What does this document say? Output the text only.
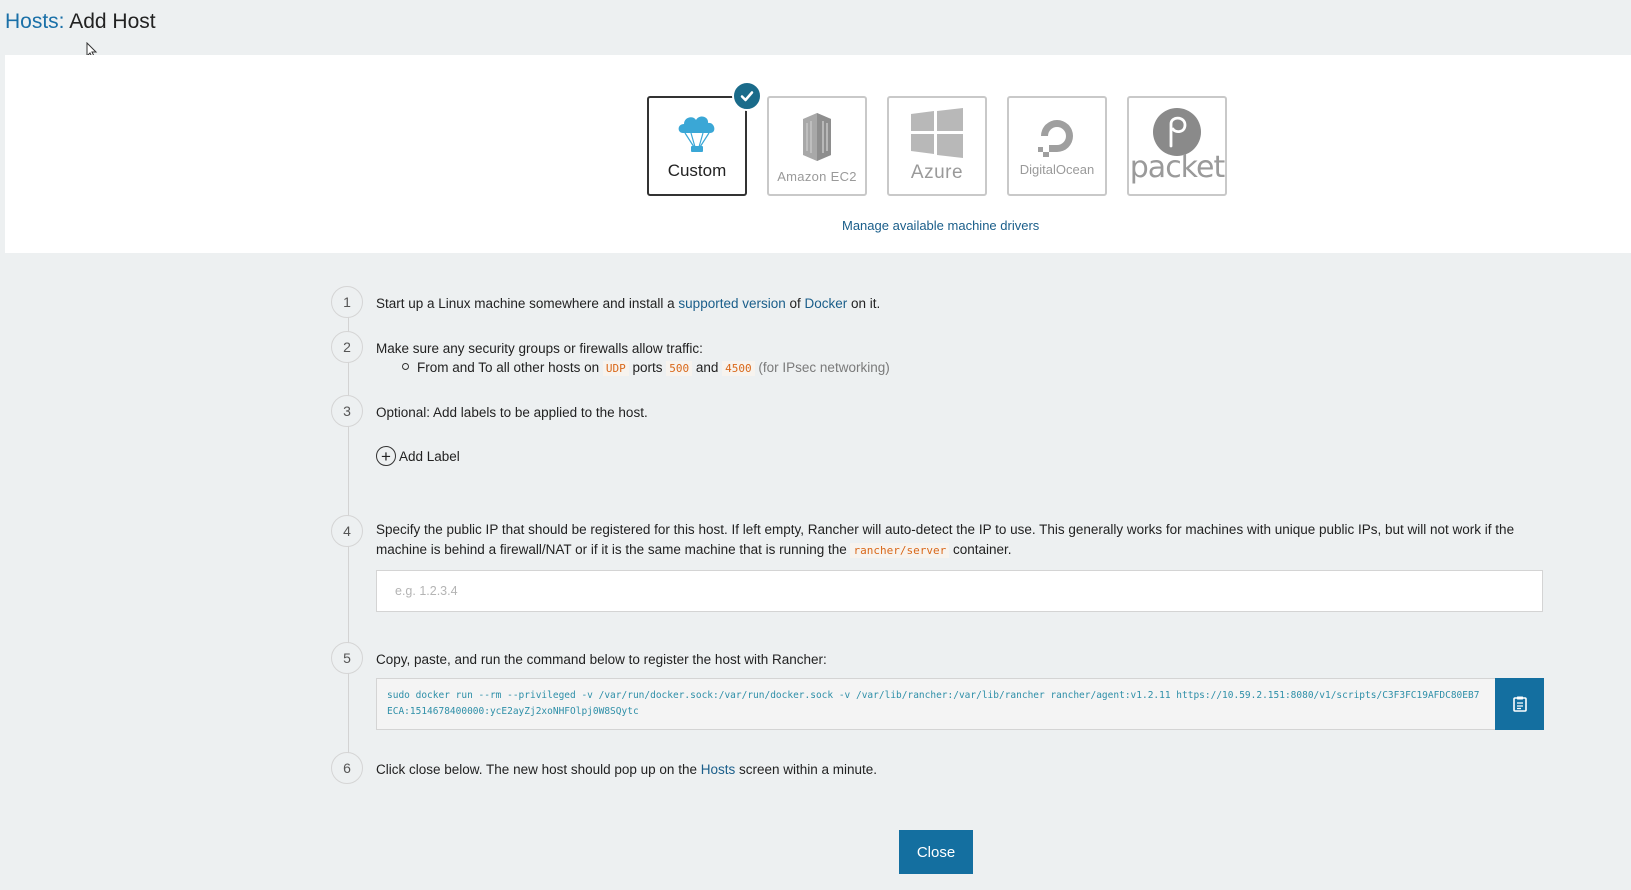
Hosts: Add Host
Custom	Amazon EC2	Azure	DigitalOcean packet
Manage available machine drivers
1	Start up a Linux machine somewhere and install a supported version of Docker on it.
2	Make sure any security groups or firewalls allow traffic:
From and To all other hosts on UDP ports 500 and 4500 (for IPsec networking)
3	Optional: Add labels to be applied to the host.
+ Add Label
4	Specify the public IP that should be registered for this host. If left empty, Rancher will auto-detect the IP to use. This generally works for machines with unique public IPs, but will not work if the machine is behind a firewall/NAT or if it is the same machine that is running the rancher/server container.
e.g. 1.2.3.4
5	Copy, paste, and run the command below to register the host with Rancher:
sudo docker run --rm --privileged -v /var/run/docker.sock:/var/run/docker.sock -v /var/lib/rancher:/var/lib/rancher rancher/agent:v1.2.11 https://10.59.2.151:8080/v1/scripts/C3F3FC19AFDC80EB7ECA:1514678400000:ycE2ayZj2xoNHFOlpj0W8SQytc
6	Click close below. The new host should pop up on the Hosts screen within a minute.
Close
